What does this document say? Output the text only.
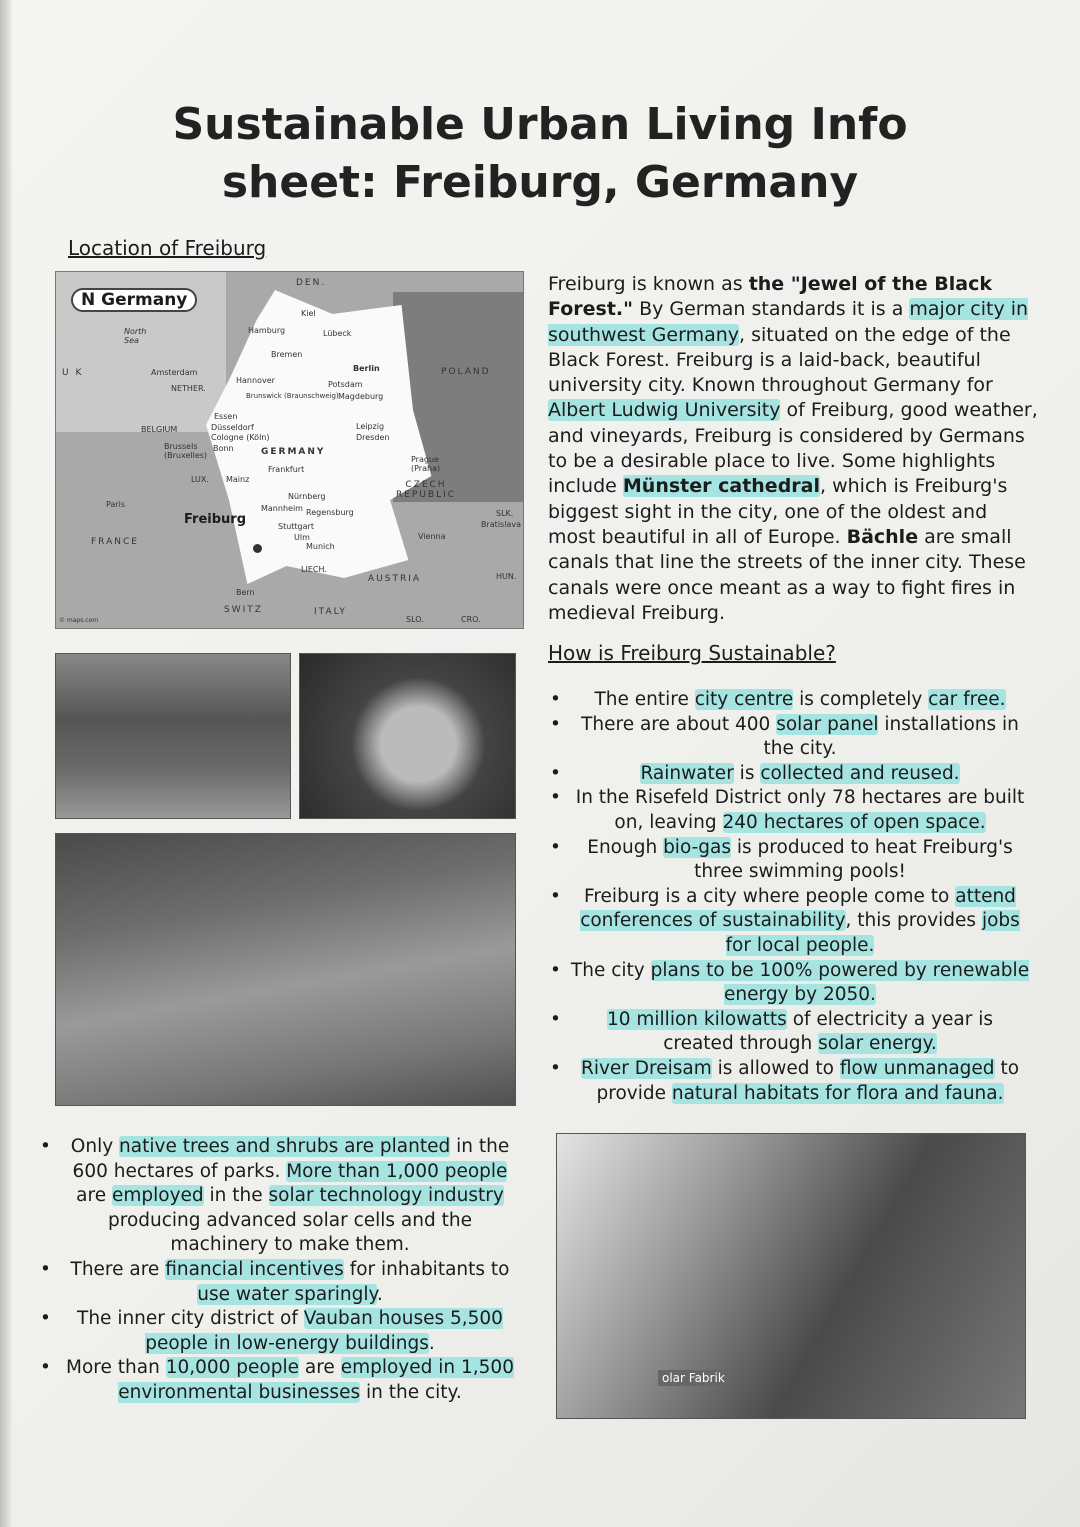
Sustainable Urban Living Info sheet: Freiburg, Germany
Location of Freiburg
N Germany
Freiburg
DEN.
North Sea
U K	Amsterdam
NETHER.
BELGIUM
Brussels (Bruxelles)
LUX.
Paris
FRANCE
Hamburg
Kiel
Lübeck
Bremen
Hannover
Brunswick (Braunschweig)
Berlin
Potsdam
Magdeburg
Essen
Düsseldorf
Cologne (Köln)
Bonn
Leipzig
Dresden
GERMANY
Frankfurt
Mainz
Nürnberg
Mannheim Regensburg
Stuttgart
Ulm
Munich
LIECH.
POLAND
Prague (Praha)
CZECH REPUBLIC
SLK.
Bratislava
Vienna
AUSTRIA	HUN.
Bern
SWITZ	ITALY
SLO.	CRO.
© maps.com
olar Fabrik
Freiburg is known as the "Jewel of the Black Forest." By German standards it is a major city in southwest Germany, situated on the edge of the Black Forest. Freiburg is a laid-back, beautiful university city. Known throughout Germany for Albert Ludwig University of Freiburg, good weather, and vineyards, Freiburg is considered by Germans to be a desirable place to live. Some highlights include Münster cathedral, which is Freiburg's biggest sight in the city, one of the oldest and most beautiful in all of Europe. Bächle are small canals that line the streets of the inner city. These canals were once meant as a way to fight fires in medieval Freiburg.
How is Freiburg Sustainable?
• The entire city centre is completely car free.
• There are about 400 solar panel installations in the city.
• Rainwater is collected and reused.
• In the Risefeld District only 78 hectares are built on, leaving 240 hectares of open space.
• Enough bio-gas is produced to heat Freiburg's three swimming pools!
• Freiburg is a city where people come to attend conferences of sustainability, this provides jobs for local people.
• The city plans to be 100% powered by renewable energy by 2050.
• 10 million kilowatts of electricity a year is created through solar energy.
• River Dreisam is allowed to flow unmanaged to provide natural habitats for flora and fauna.
• Only native trees and shrubs are planted in the 600 hectares of parks. More than 1,000 people are employed in the solar technology industry producing advanced solar cells and the machinery to make them.
• There are financial incentives for inhabitants to use water sparingly.
• The inner city district of Vauban houses 5,500 people in low-energy buildings.
• More than 10,000 people are employed in 1,500 environmental businesses in the city.
